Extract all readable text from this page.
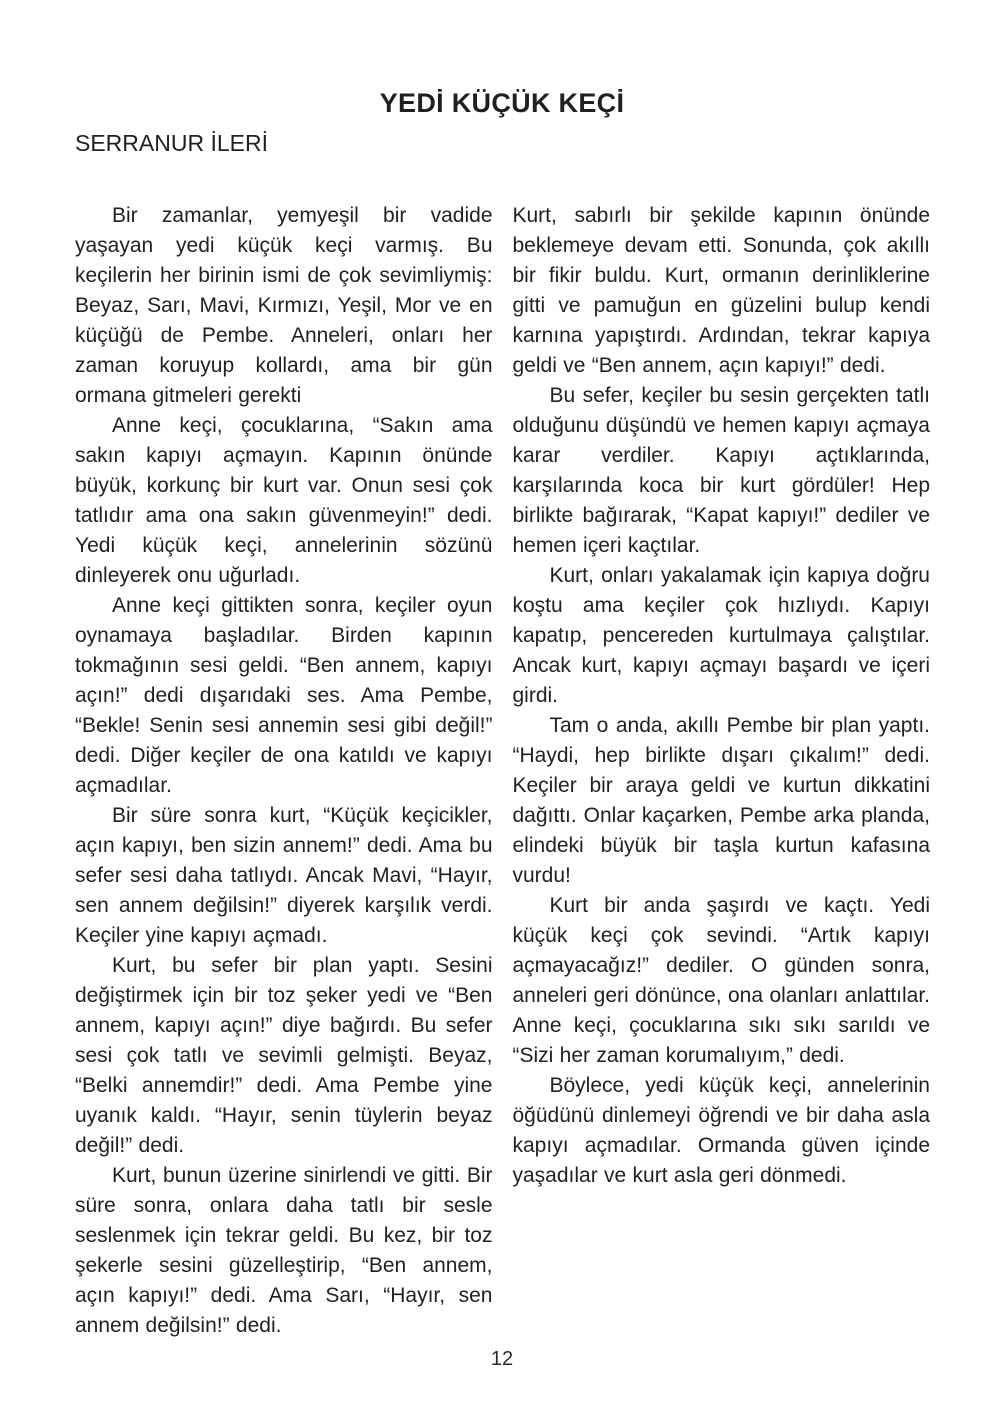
YEDİ KÜÇÜK KEÇİ
SERRANUR İLERİ

Bir zamanlar, yemyeşil bir vadide yaşayan yedi küçük keçi varmış. Bu keçilerin her birinin ismi de çok sevimliymiş: Beyaz, Sarı, Mavi, Kırmızı, Yeşil, Mor ve en küçüğü de Pembe. Anneleri, onları her zaman koruyup kollardı, ama bir gün ormana gitmeleri gerekti

Anne keçi, çocuklarına, “Sakın ama sakın kapıyı açmayın. Kapının önünde büyük, korkunç bir kurt var. Onun sesi çok tatlıdır ama ona sakın güvenmeyin!” dedi. Yedi küçük keçi, annelerinin sözünü dinleyerek onu uğurladı.

Anne keçi gittikten sonra, keçiler oyun oynamaya başladılar. Birden kapının tokmağının sesi geldi. “Ben annem, kapıyı açın!” dedi dışarıdaki ses. Ama Pembe, “Bekle! Senin sesi annemin sesi gibi değil!” dedi. Diğer keçiler de ona katıldı ve kapıyı açmadılar.

Bir süre sonra kurt, “Küçük keçicikler, açın kapıyı, ben sizin annem!” dedi. Ama bu sefer sesi daha tatlıydı. Ancak Mavi, “Hayır, sen annem değilsin!” diyerek karşılık verdi. Keçiler yine kapıyı açmadı.

Kurt, bu sefer bir plan yaptı. Sesini değiştirmek için bir toz şeker yedi ve “Ben annem, kapıyı açın!” diye bağırdı. Bu sefer sesi çok tatlı ve sevimli gelmişti. Beyaz, “Belki annemdir!” dedi. Ama Pembe yine uyanık kaldı. “Hayır, senin tüylerin beyaz değil!” dedi.

Kurt, bunun üzerine sinirlendi ve gitti. Bir süre sonra, onlara daha tatlı bir sesle seslenmek için tekrar geldi. Bu kez, bir toz şekerle sesini güzelleştirip, “Ben annem, açın kapıyı!” dedi. Ama Sarı, “Hayır, sen annem değilsin!” dedi.

Kurt, sabırlı bir şekilde kapının önünde beklemeye devam etti. Sonunda, çok akıllı bir fikir buldu. Kurt, ormanın derinliklerine gitti ve pamuğun en güzelini bulup kendi karnına yapıştırdı. Ardından, tekrar kapıya geldi ve “Ben annem, açın kapıyı!” dedi.

Bu sefer, keçiler bu sesin gerçekten tatlı olduğunu düşündü ve hemen kapıyı açmaya karar verdiler. Kapıyı açtıklarında, karşılarında koca bir kurt gördüler! Hep birlikte bağırarak, “Kapat kapıyı!” dediler ve hemen içeri kaçtılar.

Kurt, onları yakalamak için kapıya doğru koştu ama keçiler çok hızlıydı. Kapıyı kapatıp, pencereden kurtulmaya çalıştılar. Ancak kurt, kapıyı açmayı başardı ve içeri girdi.

Tam o anda, akıllı Pembe bir plan yaptı. “Haydi, hep birlikte dışarı çıkalım!” dedi. Keçiler bir araya geldi ve kurtun dikkatini dağıttı. Onlar kaçarken, Pembe arka planda, elindeki büyük bir taşla kurtun kafasına vurdu!

Kurt bir anda şaşırdı ve kaçtı. Yedi küçük keçi çok sevindi. “Artık kapıyı açmayacağız!” dediler. O günden sonra, anneleri geri dönünce, ona olanları anlattılar. Anne keçi, çocuklarına sıkı sıkı sarıldı ve “Sizi her zaman korumalıyım,” dedi.

Böylece, yedi küçük keçi, annelerinin öğüdünü dinlemeyi öğrendi ve bir daha asla kapıyı açmadılar. Ormanda güven içinde yaşadılar ve kurt asla geri dönmedi.

12
